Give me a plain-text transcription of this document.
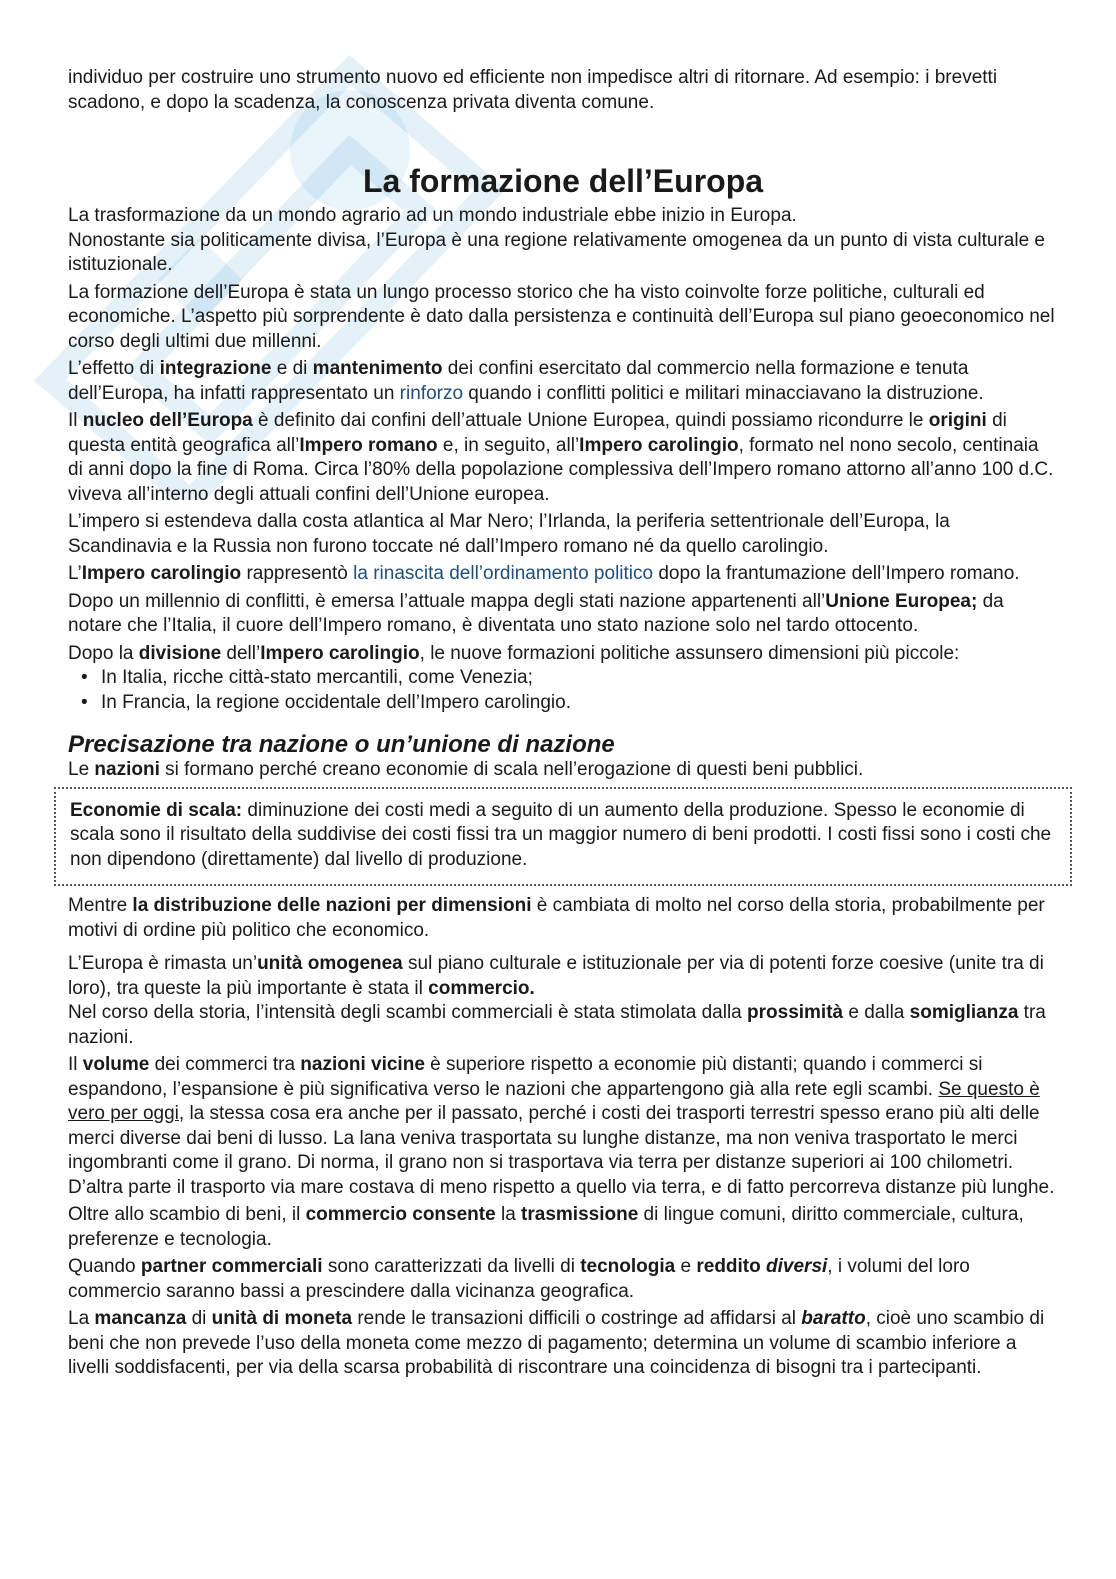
individuo per costruire uno strumento nuovo ed efficiente non impedisce altri di ritornare. Ad esempio: i brevetti scadono, e dopo la scadenza, la conoscenza privata diventa comune.

La formazione dell’Europa

La trasformazione da un mondo agrario ad un mondo industriale ebbe inizio in Europa.

Nonostante sia politicamente divisa, l’Europa è una regione relativamente omogenea da un punto di vista culturale e istituzionale.

La formazione dell’Europa è stata un lungo processo storico che ha visto coinvolte forze politiche, culturali ed economiche. L’aspetto più sorprendente è dato dalla persistenza e continuità dell’Europa sul piano geoeconomico nel corso degli ultimi due millenni.

L’effetto di integrazione e di mantenimento dei confini esercitato dal commercio nella formazione e tenuta dell’Europa, ha infatti rappresentato un rinforzo quando i conflitti politici e militari minacciavano la distruzione.

Il nucleo dell’Europa è definito dai confini dell’attuale Unione Europea, quindi possiamo ricondurre le origini di questa entità geografica all’Impero romano e, in seguito, all’Impero carolingio, formato nel nono secolo, centinaia di anni dopo la fine di Roma. Circa l’80% della popolazione complessiva dell’Impero romano attorno all’anno 100 d.C. viveva all’interno degli attuali confini dell’Unione europea.

L’impero si estendeva dalla costa atlantica al Mar Nero; l’Irlanda, la periferia settentrionale dell’Europa, la Scandinavia e la Russia non furono toccate né dall’Impero romano né da quello carolingio.

L’Impero carolingio rappresentò la rinascita dell’ordinamento politico dopo la frantumazione dell’Impero romano.

Dopo un millennio di conflitti, è emersa l’attuale mappa degli stati nazione appartenenti all’Unione Europea; da notare che l’Italia, il cuore dell’Impero romano, è diventata uno stato nazione solo nel tardo ottocento.

Dopo la divisione dell’Impero carolingio, le nuove formazioni politiche assunsero dimensioni più piccole:

• In Italia, ricche città-stato mercantili, come Venezia;
• In Francia, la regione occidentale dell’Impero carolingio.
Precisazione tra nazione o un’unione di nazione

Le nazioni si formano perché creano economie di scala nell’erogazione di questi beni pubblici.

Economie di scala: diminuzione dei costi medi a seguito di un aumento della produzione. Spesso le economie di scala sono il risultato della suddivise dei costi fissi tra un maggior numero di beni prodotti. I costi fissi sono i costi che non dipendono (direttamente) dal livello di produzione.

Mentre la distribuzione delle nazioni per dimensioni è cambiata di molto nel corso della storia, probabilmente per motivi di ordine più politico che economico.

L’Europa è rimasta un’unità omogenea sul piano culturale e istituzionale per via di potenti forze coesive (unite tra di loro), tra queste la più importante è stata il commercio.

Nel corso della storia, l’intensità degli scambi commerciali è stata stimolata dalla prossimità e dalla somiglianza tra nazioni.

Il volume dei commerci tra nazioni vicine è superiore rispetto a economie più distanti; quando i commerci si espandono, l’espansione è più significativa verso le nazioni che appartengono già alla rete egli scambi. Se questo è vero per oggi, la stessa cosa era anche per il passato, perché i costi dei trasporti terrestri spesso erano più alti delle merci diverse dai beni di lusso. La lana veniva trasportata su lunghe distanze, ma non veniva trasportato le merci ingombranti come il grano. Di norma, il grano non si trasportava via terra per distanze superiori ai 100 chilometri. D’altra parte il trasporto via mare costava di meno rispetto a quello via terra, e di fatto percorreva distanze più lunghe.

Oltre allo scambio di beni, il commercio consente la trasmissione di lingue comuni, diritto commerciale, cultura, preferenze e tecnologia.

Quando partner commerciali sono caratterizzati da livelli di tecnologia e reddito diversi, i volumi del loro commercio saranno bassi a prescindere dalla vicinanza geografica.

La mancanza di unità di moneta rende le transazioni difficili o costringe ad affidarsi al baratto, cioè uno scambio di beni che non prevede l’uso della moneta come mezzo di pagamento; determina un volume di scambio inferiore a livelli soddisfacenti, per via della scarsa probabilità di riscontrare una coincidenza di bisogni tra i partecipanti.
